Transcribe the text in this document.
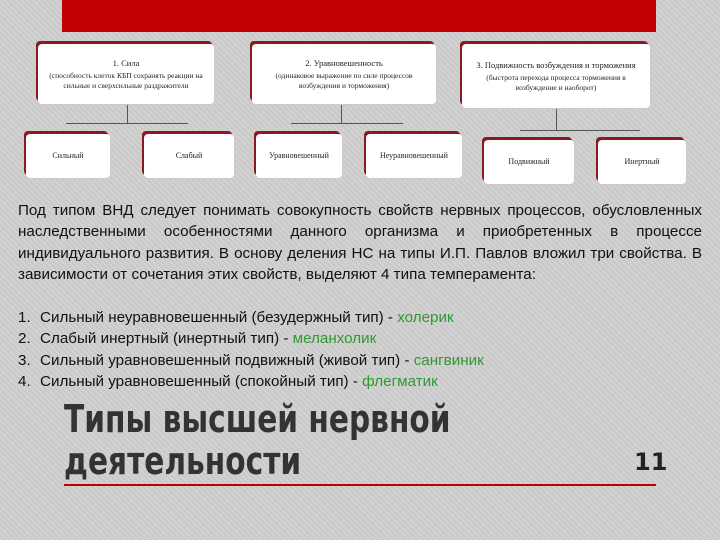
1. Сила
(способность клеток КБП сохранять реакции на сильные и сверхсильные раздражители
2. Уравновешенность
(одинаковое выражение по силе процессов возбуждения и торможения)
3. Подвижность возбуждения и торможения
(быстрота перехода процесса торможения в возбуждение и наоборот)
Сильный	Слабый	Уравновешенный	Неуравновешенный
Подвижный	Инертный

Под типом ВНД следует понимать совокупность свойств нервных процессов, обусловленных наследственными особенностями данного организма и приобретенных в процессе индивидуального развития. В основу деления НС на типы И.П. Павлов вложил три свойства. В зависимости от сочетания этих свойств, выделяют 4 типа темперамента:

1. Сильный неуравновешенный (безудержный тип) - холерик
2. Слабый инертный (инертный тип) - меланхолик
3. Сильный уравновешенный подвижный (живой тип) - сангвиник
4. Сильный уравновешенный (спокойный тип) - флегматик
Типы высшей нервной
деятельности	11
